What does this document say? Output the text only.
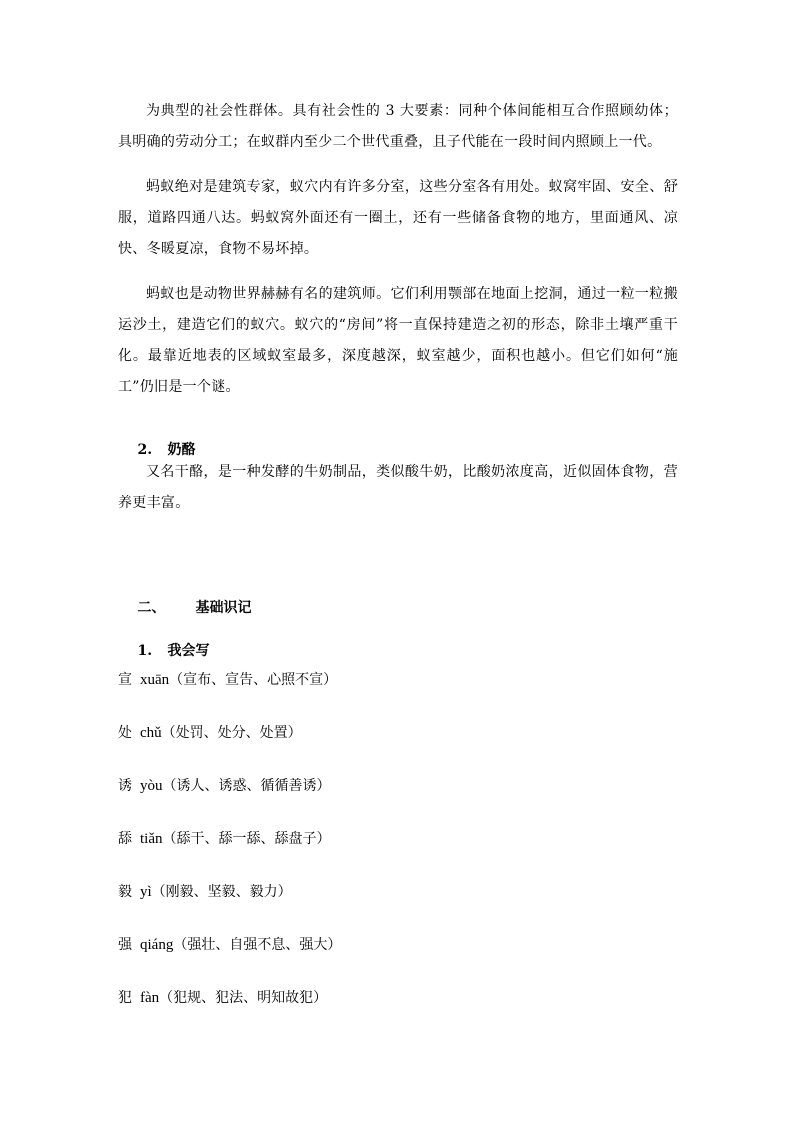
为典型的社会性群体。具有社会性的 3 大要素：同种个体间能相互合作照顾幼体；具明确的劳动分工；在蚁群内至少二个世代重叠，且子代能在一段时间内照顾上一代。

蚂蚁绝对是建筑专家，蚁穴内有许多分室，这些分室各有用处。蚁窝牢固、安全、舒服，道路四通八达。蚂蚁窝外面还有一圈土，还有一些储备食物的地方，里面通风、凉快、冬暖夏凉，食物不易坏掉。

蚂蚁也是动物世界赫赫有名的建筑师。它们利用颚部在地面上挖洞，通过一粒一粒搬运沙土，建造它们的蚁穴。蚁穴的“房间”将一直保持建造之初的形态，除非土壤严重干化。最靠近地表的区域蚁室最多，深度越深，蚁室越少，面积也越小。但它们如何“施工”仍旧是一个谜。

2. 奶酪

又名干酪，是一种发酵的牛奶制品，类似酸牛奶，比酸奶浓度高，近似固体食物，营养更丰富。

二、 基础识记

1. 我会写

宣 xuān（宣布、宣告、心照不宣）
处 chǔ（处罚、处分、处置）
诱 yòu（诱人、诱惑、循循善诱）
舔 tiǎn（舔干、舔一舔、舔盘子）
毅 yì（刚毅、坚毅、毅力）
强 qiáng（强壮、自强不息、强大）
犯 fàn（犯规、犯法、明知故犯）
